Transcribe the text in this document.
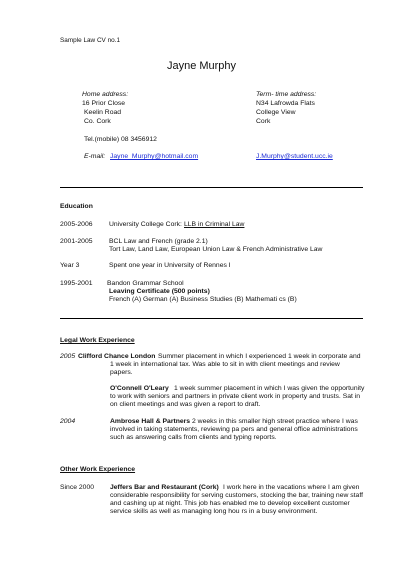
Sample Law CV no.1
Jayne Murphy
Home address:
16 Prior Close
Keelin Road
Co. Cork
Tel.(mobile) 08 3456912
E-mail: Jayne_Murphy@hotmail.com
Term- time address:
N34 Lafrowda Flats
College View
Cork
J.Murphy@student.ucc.ie
Education
2005-2006 University College Cork: LLB in Criminal Law
2001-2005 BCL Law and French (grade 2.1)
Tort Law, Land Law, European Union Law & French Administrative Law
Year 3	Spent one year in University of Rennes I
1995-2001 Bandon Grammar School
Leaving Certificate (500 points)
French (A) German (A) Business Studies (B) Mathemati cs (B)
Legal Work Experience
2005 Clifford Chance London Summer placement in which I experienced 1 week in corporate and
1 week in international tax. Was able to sit in with client meetings and review
papers.
O'Connell O'Leary 1 week summer placement in which I was given the opportunity
to work with seniors and partners in private client work in property and trusts. Sat in
on client meetings and was given a report to draft.
2004	Ambrose Hall & Partners 2 weeks in this smaller high street practice where I was
involved in taking statements, reviewing pa pers and general office administrations
such as answering calls from clients and typing reports.
Other Work Experience
Since 2000 Jeffers Bar and Restaurant (Cork) I work here in the vacations where I am given
considerable responsibility for serving customers, stocking the bar, training new staff
and cashing up at night. This job has enabled me to develop excellent customer
service skills as well as managing long hou rs in a busy environment.
